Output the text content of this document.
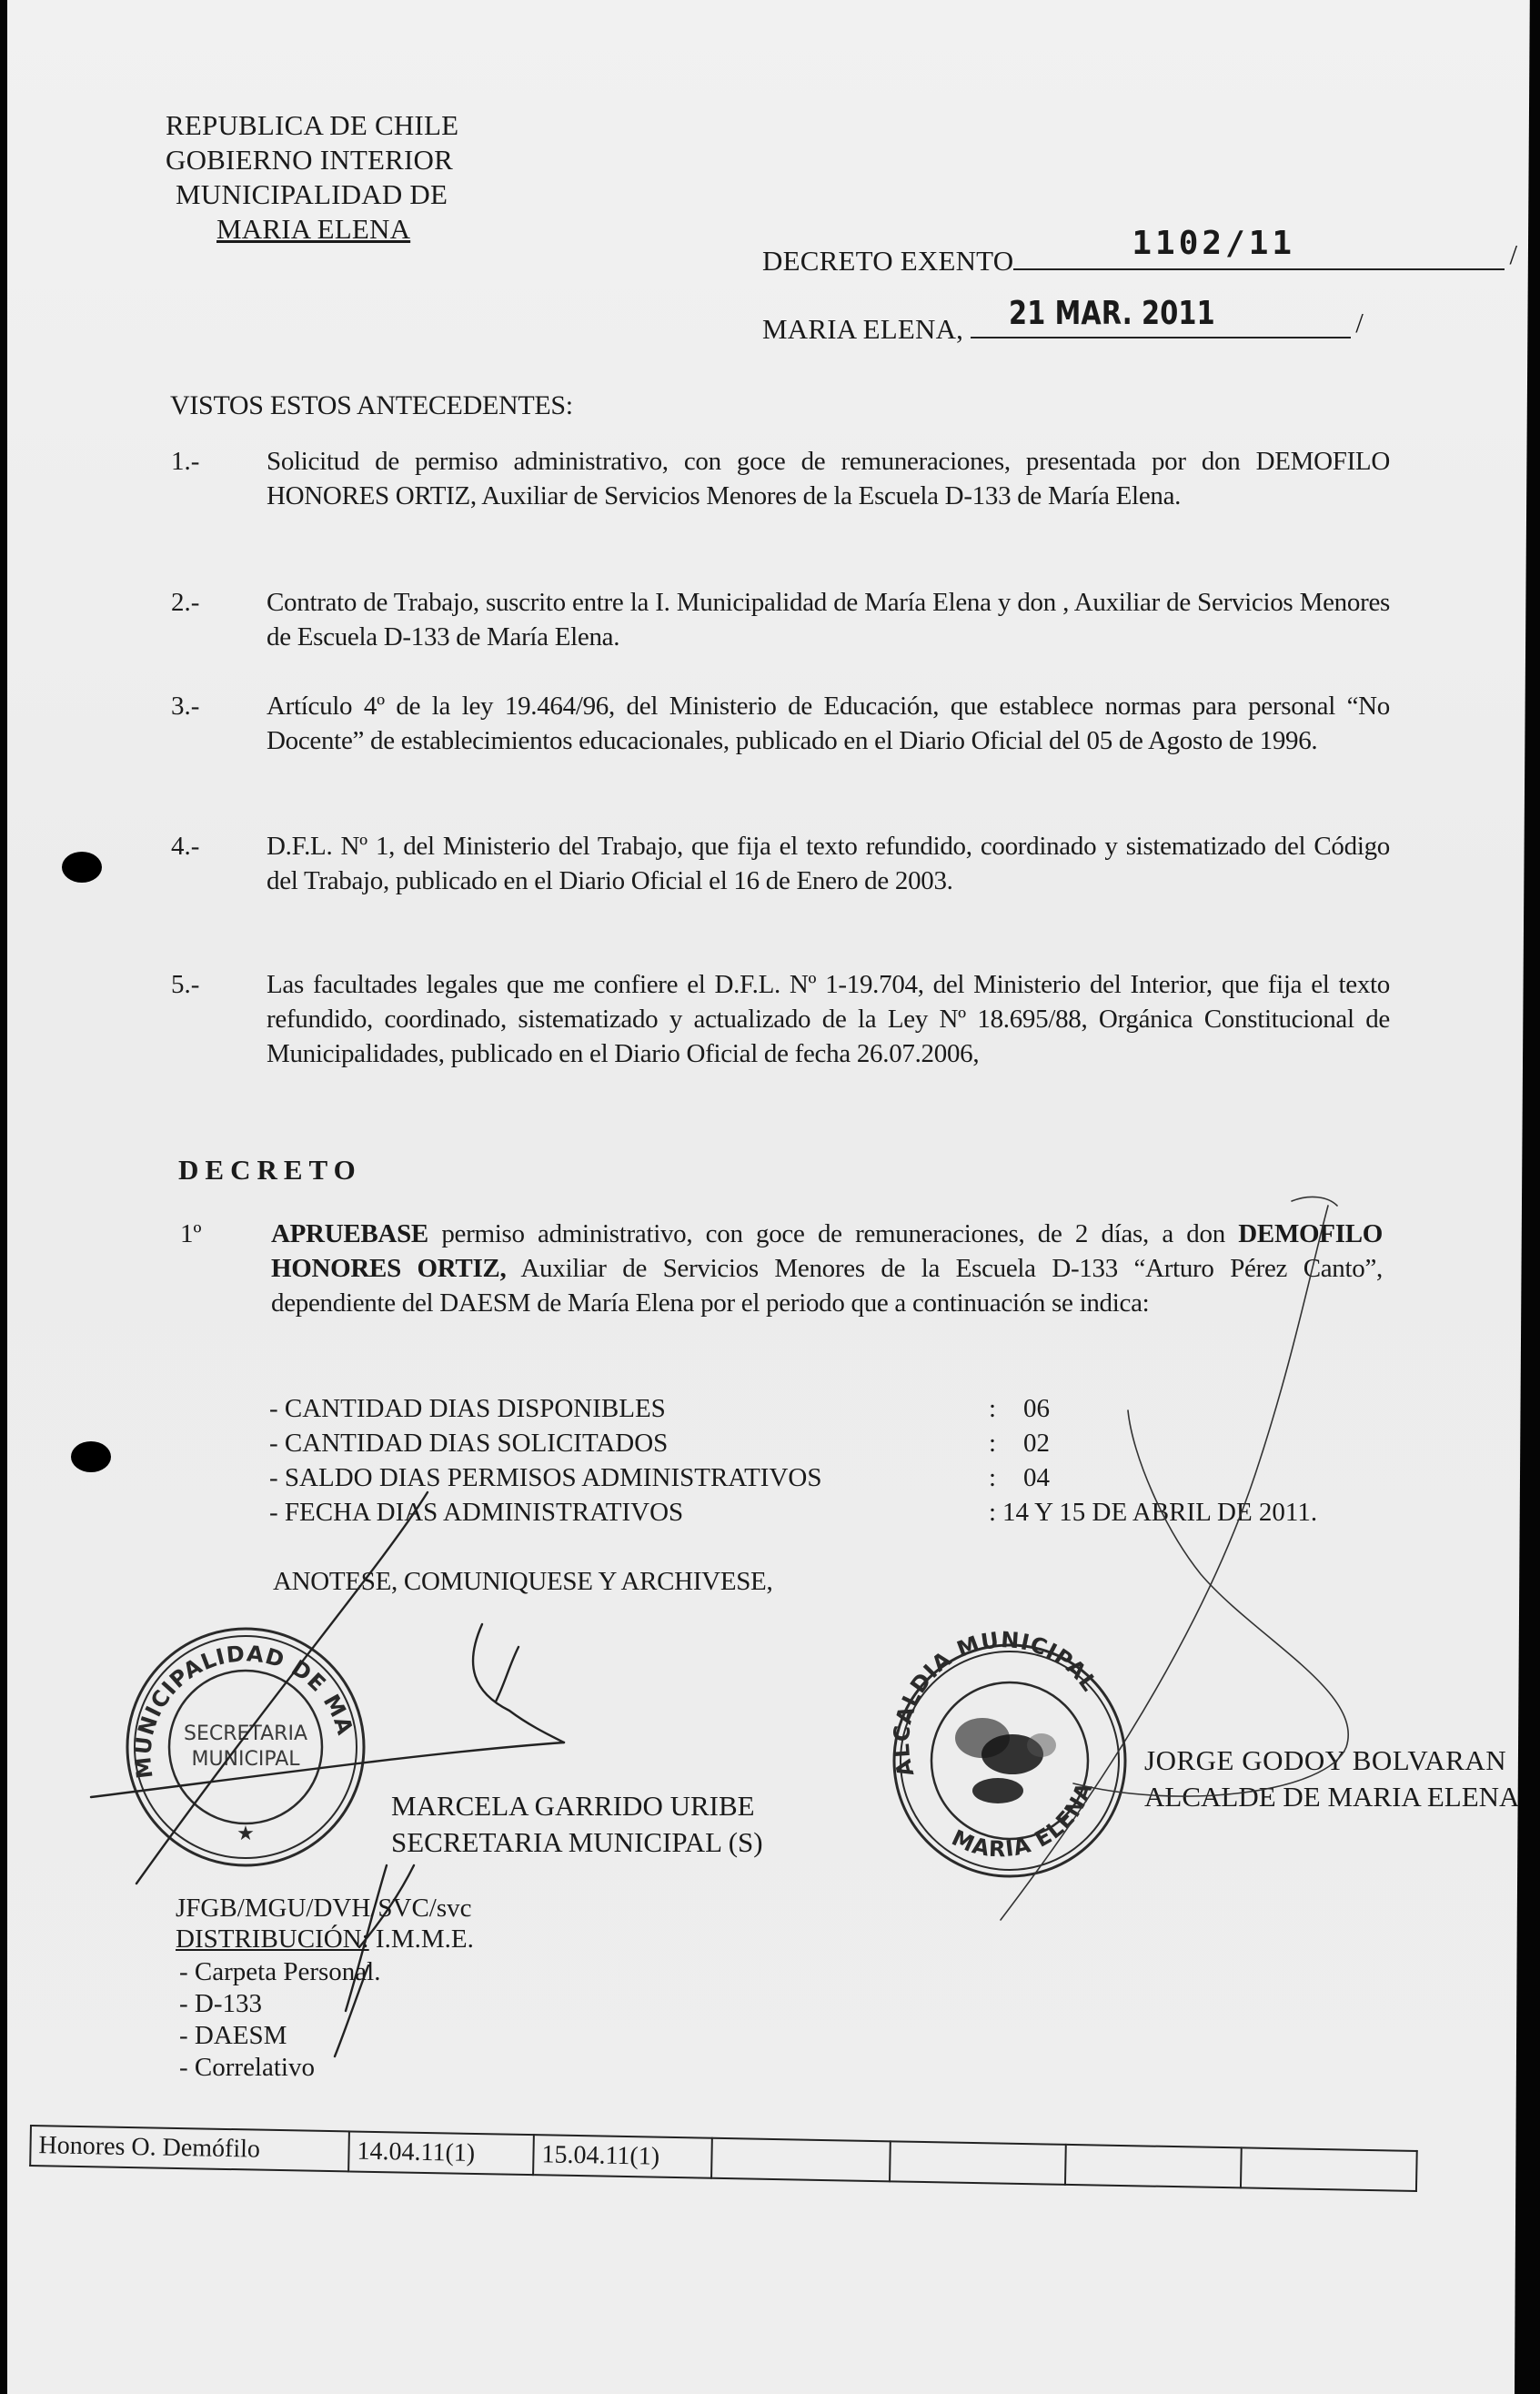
REPUBLICA DE CHILE
GOBIERNO INTERIOR
MUNICIPALIDAD DE
MARIA ELENA
DECRETO EXENTO	1102/11	/
MARIA ELENA, 21 MAR. 2011	/
VISTOS ESTOS ANTECEDENTES:
1.-	Solicitud de permiso administrativo, con goce de remuneraciones, presentada por don DEMOFILO HONORES ORTIZ, Auxiliar de Servicios Menores de la Escuela D-133 de María Elena.
2.-	Contrato de Trabajo, suscrito entre la I. Municipalidad de María Elena y don , Auxiliar de Servicios Menores de Escuela D-133 de María Elena.
3.-	Artículo 4º de la ley 19.464/96, del Ministerio de Educación, que establece normas para personal “No Docente” de establecimientos educacionales, publicado en el Diario Oficial del 05 de Agosto de 1996.
4.-	D.F.L. Nº 1, del Ministerio del Trabajo, que fija el texto refundido, coordinado y sistematizado del Código del Trabajo, publicado en el Diario Oficial el 16 de Enero de 2003.
5.-	Las facultades legales que me confiere el D.F.L. Nº 1-19.704, del Ministerio del Interior, que fija el texto refundido, coordinado, sistematizado y actualizado de la Ley Nº 18.695/88, Orgánica Constitucional de Municipalidades, publicado en el Diario Oficial de fecha 26.07.2006,
DECRETO
1º	APRUEBASE permiso administrativo, con goce de remuneraciones, de 2 días, a don DEMOFILO HONORES ORTIZ, Auxiliar de Servicios Menores de la Escuela D-133 “Arturo Pérez Canto”, dependiente del DAESM de María Elena por el periodo que a continuación se indica:
- CANTIDAD DIAS DISPONIBLES	: 06
- CANTIDAD DIAS SOLICITADOS	: 02
- SALDO DIAS PERMISOS ADMINISTRATIVOS	: 04
- FECHA DIAS ADMINISTRATIVOS	: 14 Y 15 DE ABRIL DE 2011.
ANOTESE, COMUNIQUESE Y ARCHIVESE,
MUNICIPALIDAD DE MARIA ELENA
SECRETARIA
MUNICIPAL
★
ALCALDIA MUNICIPAL
MARIA ELENA
MARCELA GARRIDO URIBE
SECRETARIA MUNICIPAL (S)
JORGE GODOY BOLVARAN
ALCALDE DE MARIA ELENA
JFGB/MGU/DVH/SVC/svc
DISTRIBUCIÓN: I.M.M.E.
- Carpeta Personal.
- D-133
- DAESM
- Correlativo
Honores O. Demófilo	14.04.11(1)	15.04.11(1)				
